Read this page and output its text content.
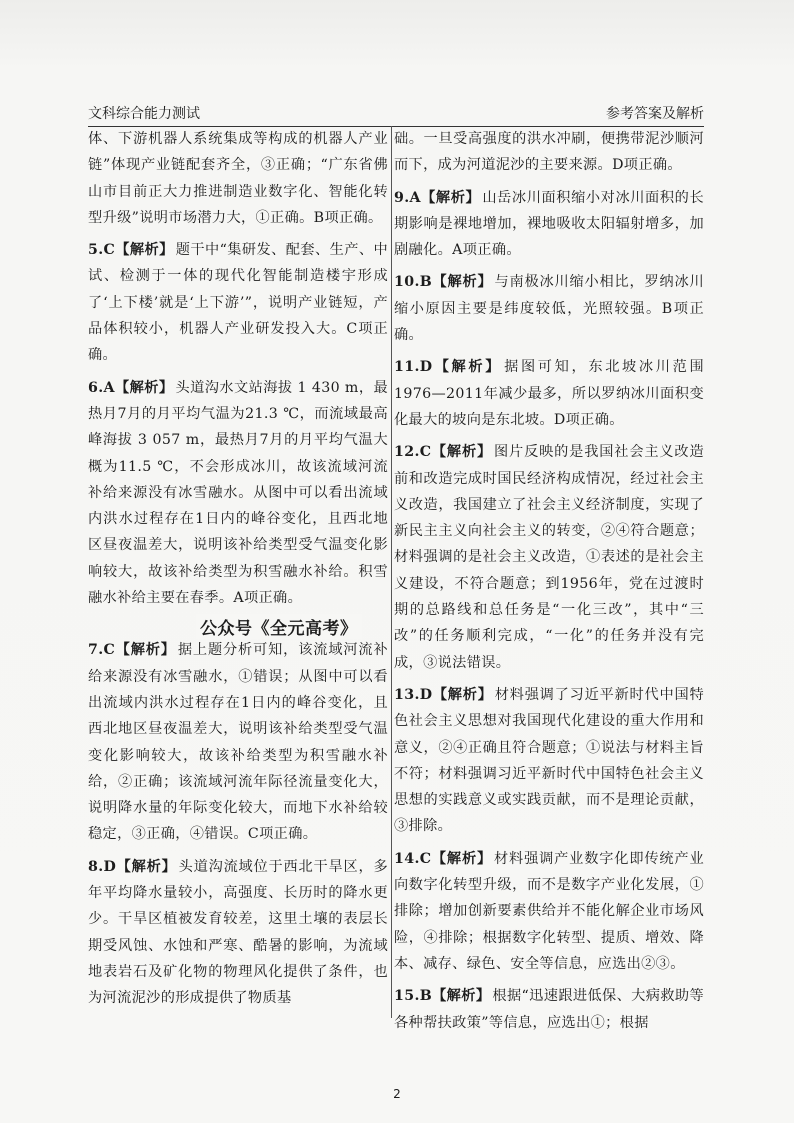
文科综合能力测试	参考答案及解析
体、下游机器人系统集成等构成的机器人产业链”体现产业链配套齐全，③正确；“广东省佛山市目前正大力推进制造业数字化、智能化转型升级”说明市场潜力大，①正确。B项正确。
5.C【解析】 题干中“集研发、配套、生产、中试、检测于一体的现代化智能制造楼宇形成了‘上下楼’就是‘上下游’”，说明产业链短，产品体积较小，机器人产业研发投入大。C项正确。
6.A【解析】 头道沟水文站海拔 1 430 m，最热月7月的月平均气温为21.3 ℃，而流域最高峰海拔 3 057 m，最热月7月的月平均气温大概为11.5 ℃，不会形成冰川，故该流域河流补给来源没有冰雪融水。从图中可以看出流域内洪水过程存在1日内的峰谷变化，且西北地区昼夜温差大，说明该补给类型受气温变化影响较大，故该补给类型为积雪融水补给。积雪融水补给主要在春季。A项正确。
7.C【解析】 据上题分析可知，该流域河流补给来源没有冰雪融水，①错误；从图中可以看出流域内洪水过程存在1日内的峰谷变化，且西北地区昼夜温差大，说明该补给类型受气温变化影响较大，故该补给类型为积雪融水补给，②正确；该流域河流年际径流量变化大，说明降水量的年际变化较大，而地下水补给较稳定，③正确，④错误。C项正确。
8.D【解析】 头道沟流域位于西北干旱区，多年平均降水量较小，高强度、长历时的降水更少。干旱区植被发育较差，这里土壤的表层长期受风蚀、水蚀和严寒、酷暑的影响，为流域地表岩石及矿化物的物理风化提供了条件，也为河流泥沙的形成提供了物质基
公众号《全元高考》
础。一旦受高强度的洪水冲刷，便携带泥沙顺河而下，成为河道泥沙的主要来源。D项正确。
9.A【解析】 山岳冰川面积缩小对冰川面积的长期影响是裸地增加，裸地吸收太阳辐射增多，加剧融化。A项正确。
10.B【解析】 与南极冰川缩小相比，罗纳冰川缩小原因主要是纬度较低，光照较强。B项正确。
11.D【解析】 据图可知，东北坡冰川范围1976—2011年减少最多，所以罗纳冰川面积变化最大的坡向是东北坡。D项正确。
12.C【解析】 图片反映的是我国社会主义改造前和改造完成时国民经济构成情况，经过社会主义改造，我国建立了社会主义经济制度，实现了新民主主义向社会主义的转变，②④符合题意；材料强调的是社会主义改造，①表述的是社会主义建设，不符合题意；到1956年，党在过渡时期的总路线和总任务是“一化三改”，其中“三改”的任务顺利完成，“一化”的任务并没有完成，③说法错误。
13.D【解析】 材料强调了习近平新时代中国特色社会主义思想对我国现代化建设的重大作用和意义，②④正确且符合题意；①说法与材料主旨不符；材料强调习近平新时代中国特色社会主义思想的实践意义或实践贡献，而不是理论贡献，③排除。
14.C【解析】 材料强调产业数字化即传统产业向数字化转型升级，而不是数字产业化发展，①排除；增加创新要素供给并不能化解企业市场风险，④排除；根据数字化转型、提质、增效、降本、减存、绿色、安全等信息，应选出②③。
15.B【解析】 根据“迅速跟进低保、大病救助等各种帮扶政策”等信息，应选出①；根据
2
